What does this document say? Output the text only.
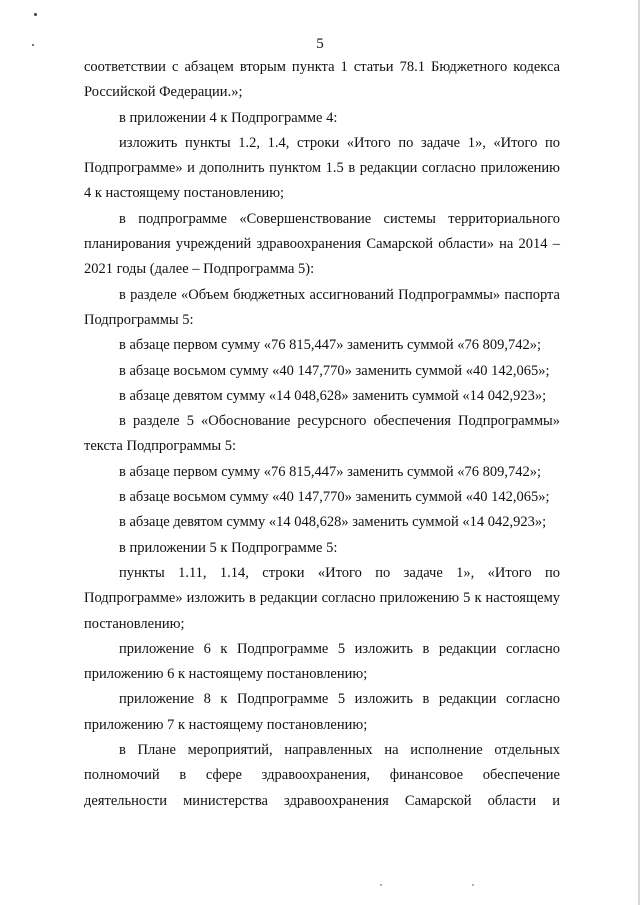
5

соответствии с абзацем вторым пункта 1 статьи 78.1 Бюджетного кодекса Российской Федерации.»;

в приложении 4 к Подпрограмме 4:

изложить пункты 1.2, 1.4, строки «Итого по задаче 1», «Итого по Подпрограмме» и дополнить пунктом 1.5 в редакции согласно приложению 4 к настоящему постановлению;

в подпрограмме «Совершенствование системы территориального планирования учреждений здравоохранения Самарской области» на 2014 – 2021 годы (далее – Подпрограмма 5):

в разделе «Объем бюджетных ассигнований Подпрограммы» паспорта Подпрограммы 5:

в абзаце первом сумму «76 815,447» заменить суммой «76 809,742»;

в абзаце восьмом сумму «40 147,770» заменить суммой «40 142,065»;

в абзаце девятом сумму «14 048,628» заменить суммой «14 042,923»;

в разделе 5 «Обоснование ресурсного обеспечения Подпрограммы» текста Подпрограммы 5:

в абзаце первом сумму «76 815,447» заменить суммой «76 809,742»;

в абзаце восьмом сумму «40 147,770» заменить суммой «40 142,065»;

в абзаце девятом сумму «14 048,628» заменить суммой «14 042,923»;

в приложении 5 к Подпрограмме 5:

пункты 1.11, 1.14, строки «Итого по задаче 1», «Итого по Подпрограмме» изложить в редакции согласно приложению 5 к настоящему постановлению;

приложение 6 к Подпрограмме 5 изложить в редакции согласно приложению 6 к настоящему постановлению;

приложение 8 к Подпрограмме 5 изложить в редакции согласно приложению 7 к настоящему постановлению;

в Плане мероприятий, направленных на исполнение отдельных полномочий в сфере здравоохранения, финансовое обеспечение деятельности министерства здравоохранения Самарской области и
